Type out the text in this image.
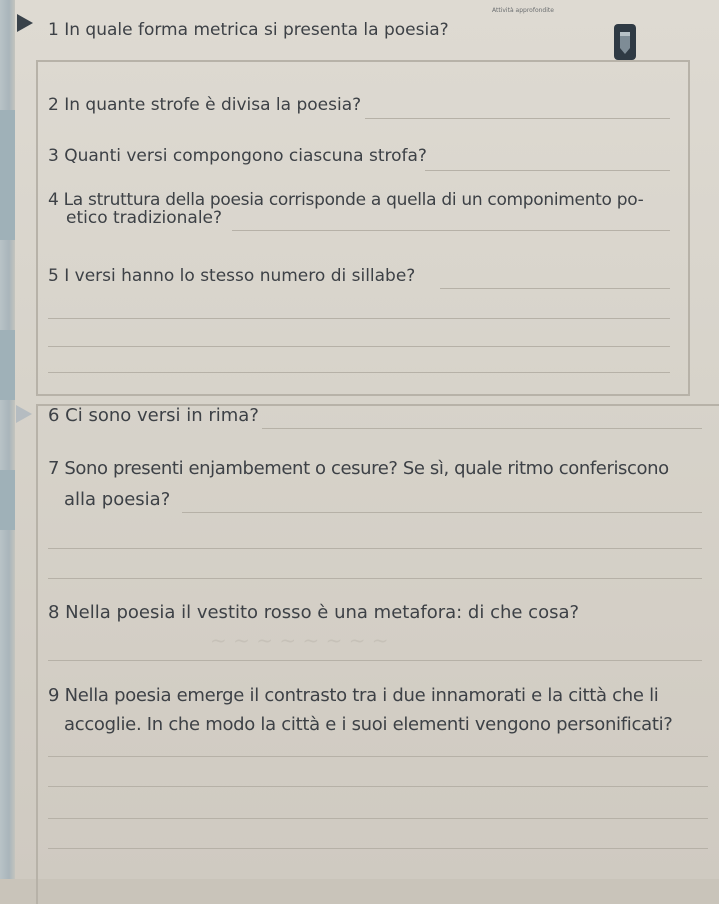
Attività approfondite
1 In quale forma metrica si presenta la poesia?
2 In quante strofe è divisa la poesia?
3 Quanti versi compongono ciascuna strofa?
4 La struttura della poesia corrisponde a quella di un componimento po-
etico tradizionale?
5 I versi hanno lo stesso numero di sillabe?
6 Ci sono versi in rima?
7 Sono presenti enjambement o cesure? Se sì, quale ritmo conferiscono
alla poesia?
8 Nella poesia il vestito rosso è una metafora: di che cosa?
~ ~ ~ ~ ~ ~ ~ ~
9 Nella poesia emerge il contrasto tra i due innamorati e la città che li
accoglie. In che modo la città e i suoi elementi vengono personificati?
